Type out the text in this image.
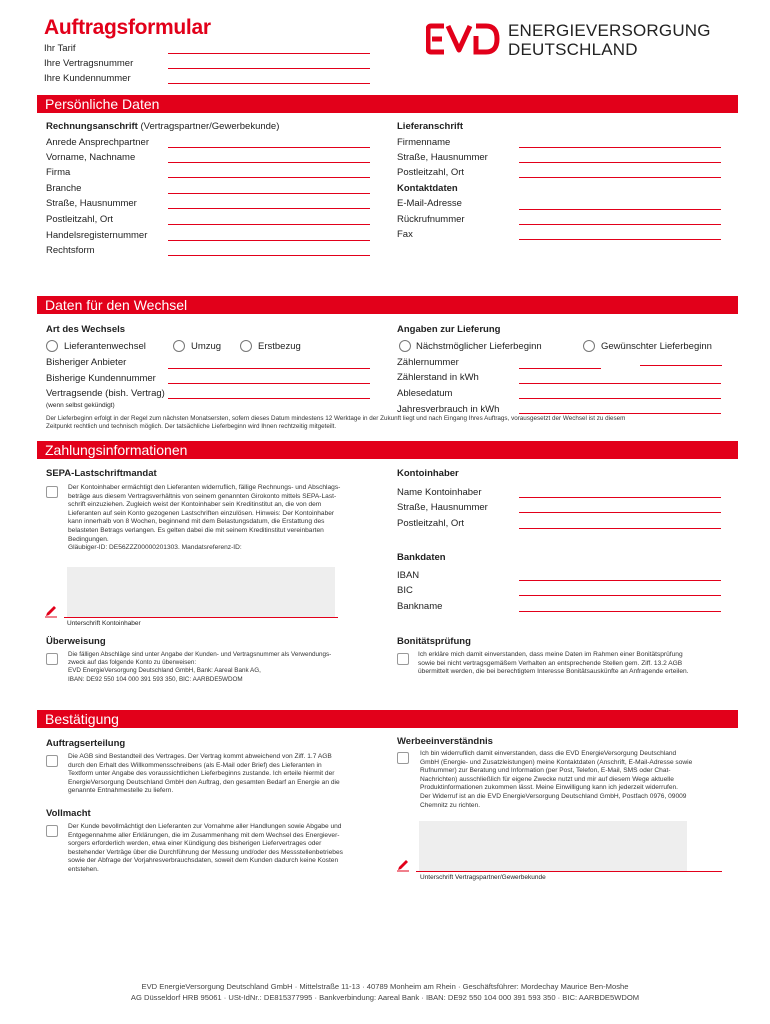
Auftragsformular	ENERGIEVERSORGUNG
DEUTSCHLAND
Ihr Tarif
Ihre Vertragsnummer
Ihre Kundennummer
Persönliche Daten
Rechnungsanschrift (Vertragspartner/Gewerbekunde)
Anrede Ansprechpartner
Vorname, Nachname
Firma
Branche
Straße, Hausnummer
Postleitzahl, Ort
Handelsregisternummer
Rechtsform
Lieferanschrift
Firmenname
Straße, Hausnummer
Postleitzahl, Ort
Kontaktdaten
E-Mail-Adresse
Rückrufnummer
Fax
Daten für den Wechsel
Art des Wechsels
Lieferantenwechsel	Umzug	Erstbezug
Bisheriger Anbieter
Bisherige Kundennummer
Vertragsende (bish. Vertrag)
(wenn selbst gekündigt)
Angaben zur Lieferung
Nächstmöglicher Lieferbeginn	Gewünschter Lieferbeginn
Zählernummer
Zählerstand in kWh
Ablesedatum
Jahresverbrauch in kWh
Der Lieferbeginn erfolgt in der Regel zum nächsten Monatsersten, sofern dieses Datum mindestens 12 Werktage in der Zukunft liegt und nach Eingang Ihres Auftrags, vorausgesetzt der Wechsel ist zu diesem
Zeitpunkt rechtlich und technisch möglich. Der tatsächliche Lieferbeginn wird Ihnen rechtzeitig mitgeteilt.
Zahlungsinformationen
SEPA-Lastschriftmandat
Der Kontoinhaber ermächtigt den Lieferanten widerruflich, fällige Rechnungs- und Abschlags-
beträge aus diesem Vertragsverhältnis von seinem genannten Girokonto mittels SEPA-Last-
schrift einzuziehen. Zugleich weist der Kontoinhaber sein Kreditinstitut an, die von dem
Lieferanten auf sein Konto gezogenen Lastschriften einzulösen. Hinweis: Der Kontoinhaber
kann innerhalb von 8 Wochen, beginnend mit dem Belastungsdatum, die Erstattung des
belasteten Betrags verlangen. Es gelten dabei die mit seinem Kreditinstitut vereinbarten
Bedingungen.
Gläubiger-ID: DE56ZZZ00000201303. Mandatsreferenz-ID:
Unterschrift Kontoinhaber
Kontoinhaber
Name Kontoinhaber
Straße, Hausnummer
Postleitzahl, Ort
Bankdaten
IBAN
BIC
Bankname
Überweisung
Die fälligen Abschläge sind unter Angabe der Kunden- und Vertragsnummer als Verwendungs-
zweck auf das folgende Konto zu überweisen:
EVD EnergieVersorgung Deutschland GmbH, Bank: Aareal Bank AG,
IBAN: DE92 550 104 000 391 593 350, BIC: AARBDE5WDOM
Bonitätsprüfung
Ich erkläre mich damit einverstanden, dass meine Daten im Rahmen einer Bonitätsprüfung
sowie bei nicht vertragsgemäßem Verhalten an entsprechende Stellen gem. Ziff. 13.2 AGB
übermittelt werden, die bei berechtigtem Interesse Bonitätsauskünfte an Anfragende erteilen.
Bestätigung
Auftragserteilung
Die AGB sind Bestandteil des Vertrages. Der Vertrag kommt abweichend von Ziff. 1.7 AGB
durch den Erhalt des Willkommensschreibens (als E-Mail oder Brief) des Lieferanten in
Textform unter Angabe des voraussichtlichen Lieferbeginns zustande. Ich erteile hiermit der
EnergieVersorgung Deutschland GmbH den Auftrag, den gesamten Bedarf an Energie an die
genannte Entnahmestelle zu liefern.
Vollmacht
Der Kunde bevollmächtigt den Lieferanten zur Vornahme aller Handlungen sowie Abgabe und
Entgegennahme aller Erklärungen, die im Zusammenhang mit dem Wechsel des Energiever-
sorgers erforderlich werden, etwa einer Kündigung des bisherigen Liefervertrages oder
bestehender Verträge über die Durchführung der Messung und/oder des Messstellenbetriebes
sowie der Abfrage der Vorjahresverbrauchsdaten, soweit dem Kunden dadurch keine Kosten
entstehen.
Werbeeinverständnis
Ich bin widerruflich damit einverstanden, dass die EVD EnergieVersorgung Deutschland
GmbH (Energie- und Zusatzleistungen) meine Kontaktdaten (Anschrift, E-Mail-Adresse sowie
Rufnummer) zur Beratung und Information (per Post, Telefon, E-Mail, SMS oder Chat-
Nachrichten) ausschließlich für eigene Zwecke nutzt und mir auf diesem Wege aktuelle
Produktinformationen zukommen lässt. Meine Einwilligung kann ich jederzeit widerrufen.
Der Widerruf ist an die EVD EnergieVersorgung Deutschland GmbH, Postfach 0976, 09009
Chemnitz zu richten.
Unterschrift Vertragspartner/Gewerbekunde
EVD EnergieVersorgung Deutschland GmbH · Mittelstraße 11-13 · 40789 Monheim am Rhein · Geschäftsführer: Mordechay Maurice Ben-Moshe
AG Düsseldorf HRB 95061 · USt-IdNr.: DE815377995 · Bankverbindung: Aareal Bank · IBAN: DE92 550 104 000 391 593 350 · BIC: AARBDE5WDOM
